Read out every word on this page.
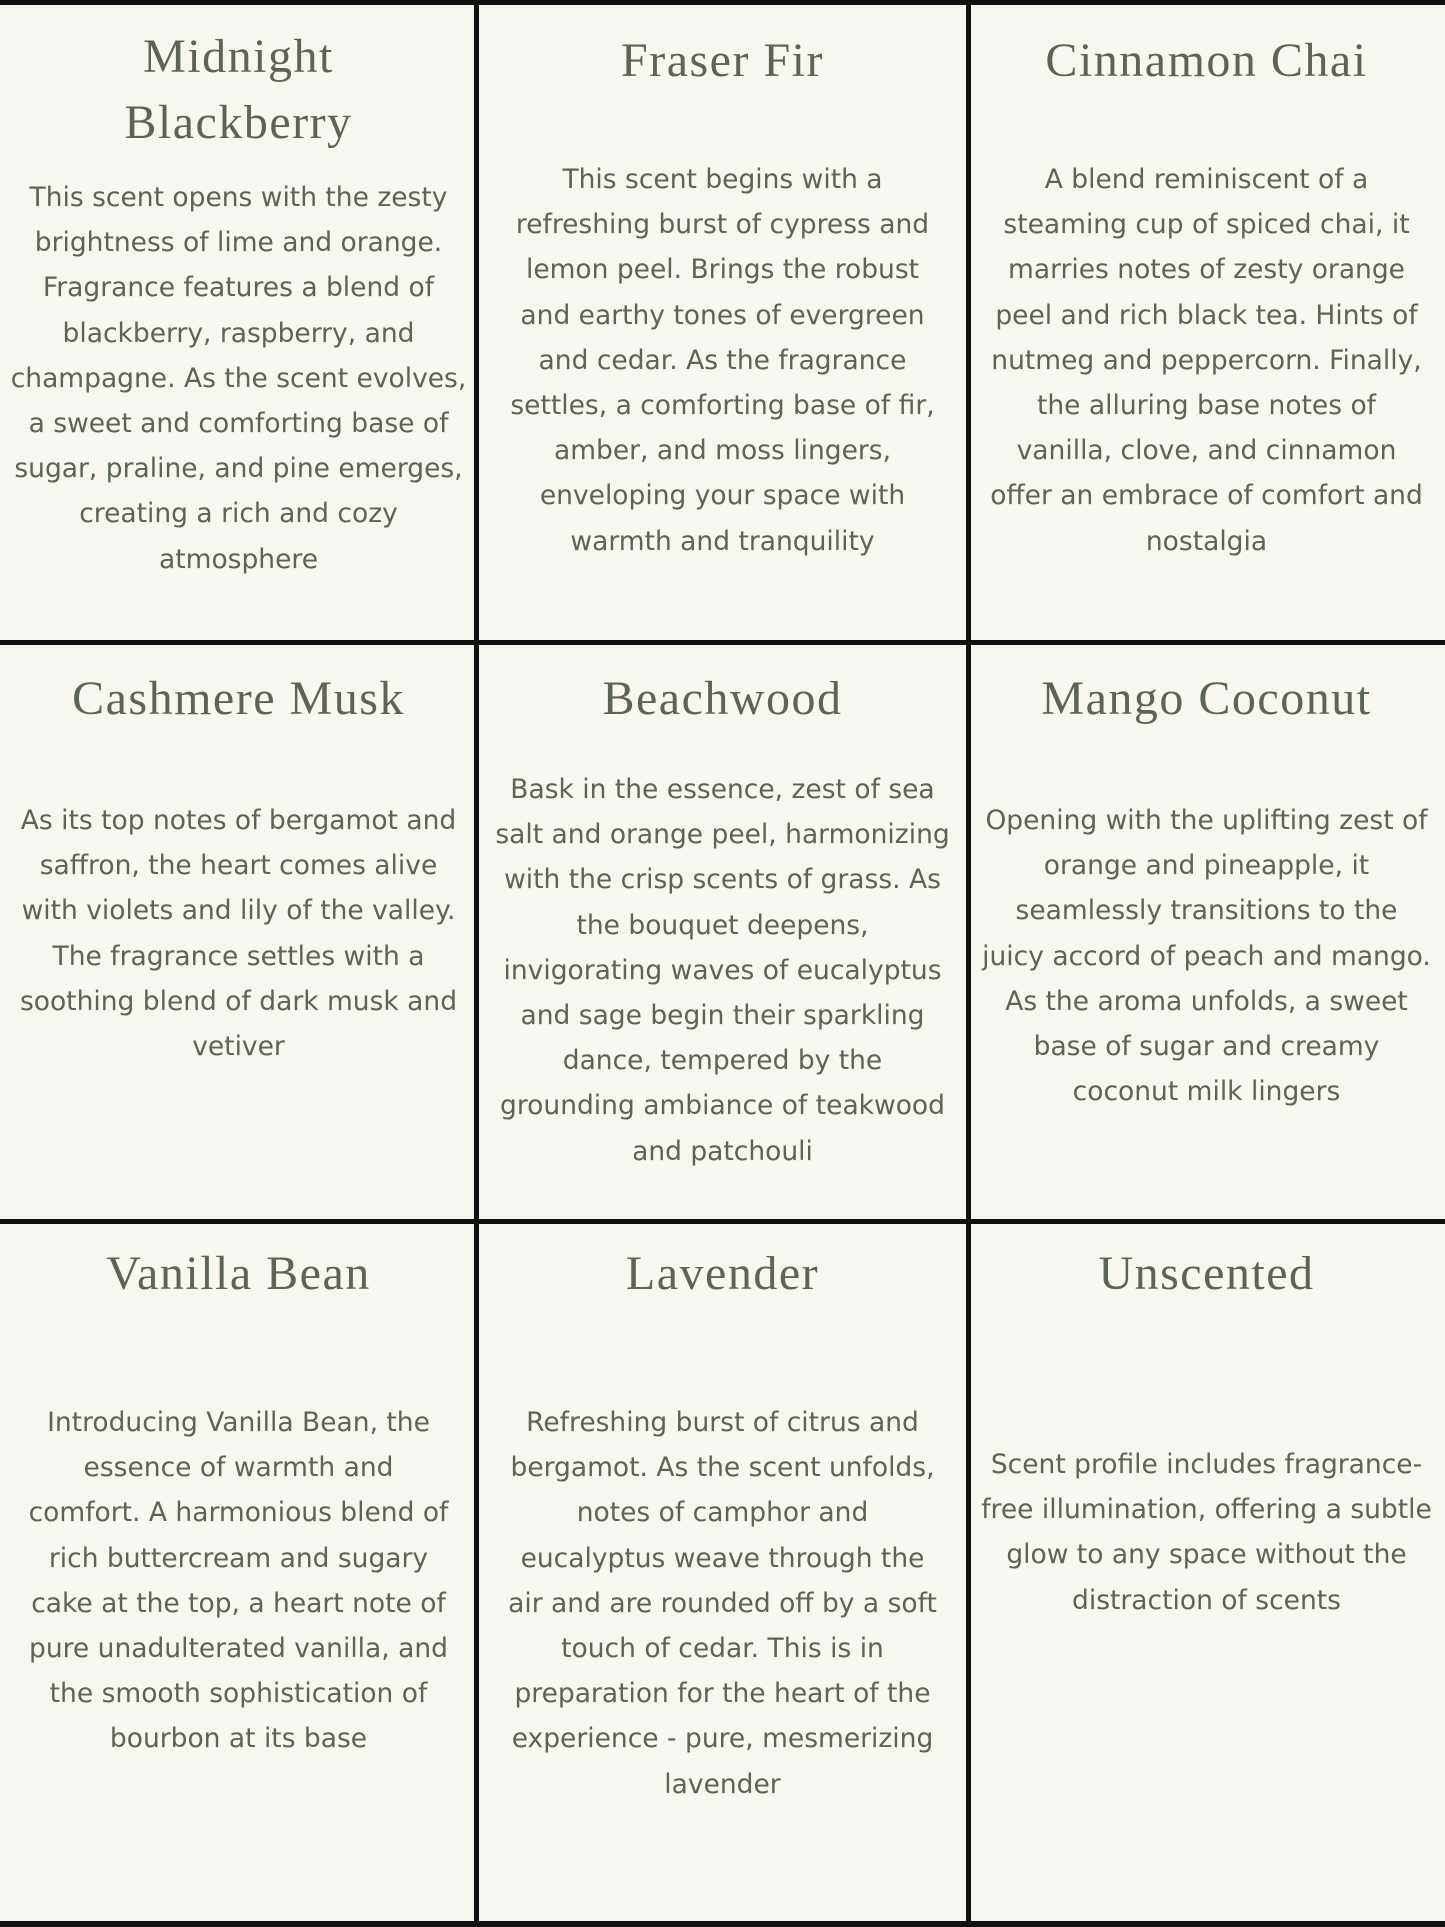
Midnight Blackberry

This scent opens with the zesty brightness of lime and orange. Fragrance features a blend of blackberry, raspberry, and champagne. As the scent evolves, a sweet and comforting base of sugar, praline, and pine emerges, creating a rich and cozy atmosphere

Fraser Fir

This scent begins with a refreshing burst of cypress and lemon peel. Brings the robust and earthy tones of evergreen and cedar. As the fragrance settles, a comforting base of fir, amber, and moss lingers, enveloping your space with warmth and tranquility

Cinnamon Chai

A blend reminiscent of a steaming cup of spiced chai, it marries notes of zesty orange peel and rich black tea. Hints of nutmeg and peppercorn. Finally, the alluring base notes of vanilla, clove, and cinnamon offer an embrace of comfort and nostalgia

Cashmere Musk

As its top notes of bergamot and saffron, the heart comes alive with violets and lily of the valley. The fragrance settles with a soothing blend of dark musk and vetiver

Beachwood

Bask in the essence, zest of sea salt and orange peel, harmonizing with the crisp scents of grass. As the bouquet deepens, invigorating waves of eucalyptus and sage begin their sparkling dance, tempered by the grounding ambiance of teakwood and patchouli

Mango Coconut

Opening with the uplifting zest of orange and pineapple, it seamlessly transitions to the juicy accord of peach and mango. As the aroma unfolds, a sweet base of sugar and creamy coconut milk lingers

Vanilla Bean

Introducing Vanilla Bean, the essence of warmth and comfort. A harmonious blend of rich buttercream and sugary cake at the top, a heart note of pure unadulterated vanilla, and the smooth sophistication of bourbon at its base

Lavender

Refreshing burst of citrus and bergamot. As the scent unfolds, notes of camphor and eucalyptus weave through the air and are rounded off by a soft touch of cedar. This is in preparation for the heart of the experience - pure, mesmerizing lavender

Unscented

Scent profile includes fragrance-free illumination, offering a subtle glow to any space without the distraction of scents
